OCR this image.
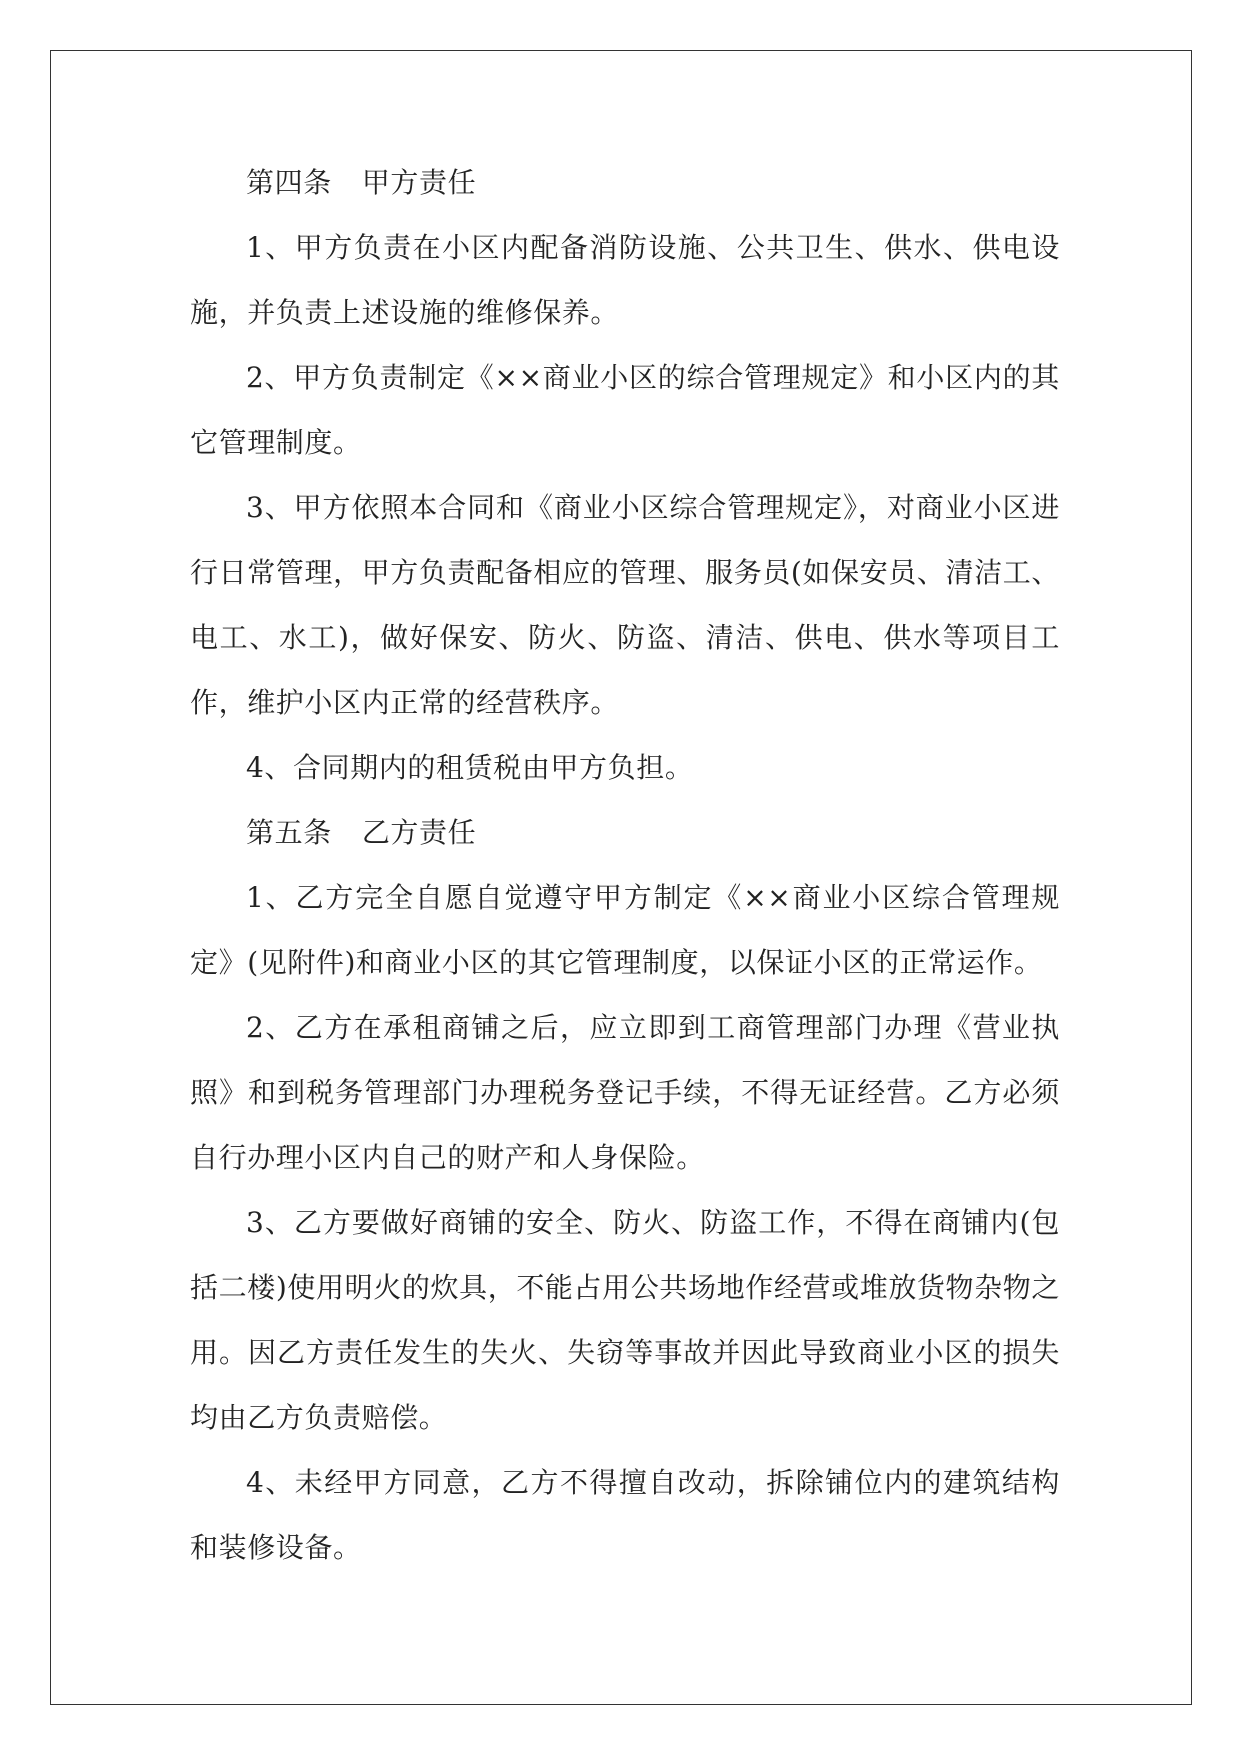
第四条 甲方责任

1、甲方负责在小区内配备消防设施、公共卫生、供水、供电设施，并负责上述设施的维修保养。

2、甲方负责制定《××商业小区的综合管理规定》和小区内的其它管理制度。

3、甲方依照本合同和《商业小区综合管理规定》，对商业小区进行日常管理，甲方负责配备相应的管理、服务员(如保安员、清洁工、电工、水工)，做好保安、防火、防盗、清洁、供电、供水等项目工作，维护小区内正常的经营秩序。

4、合同期内的租赁税由甲方负担。

第五条 乙方责任

1、乙方完全自愿自觉遵守甲方制定《××商业小区综合管理规定》(见附件)和商业小区的其它管理制度，以保证小区的正常运作。

2、乙方在承租商铺之后，应立即到工商管理部门办理《营业执照》和到税务管理部门办理税务登记手续，不得无证经营。乙方必须自行办理小区内自己的财产和人身保险。

3、乙方要做好商铺的安全、防火、防盗工作，不得在商铺内(包括二楼)使用明火的炊具，不能占用公共场地作经营或堆放货物杂物之用。因乙方责任发生的失火、失窃等事故并因此导致商业小区的损失均由乙方负责赔偿。

4、未经甲方同意，乙方不得擅自改动，拆除铺位内的建筑结构和装修设备。
